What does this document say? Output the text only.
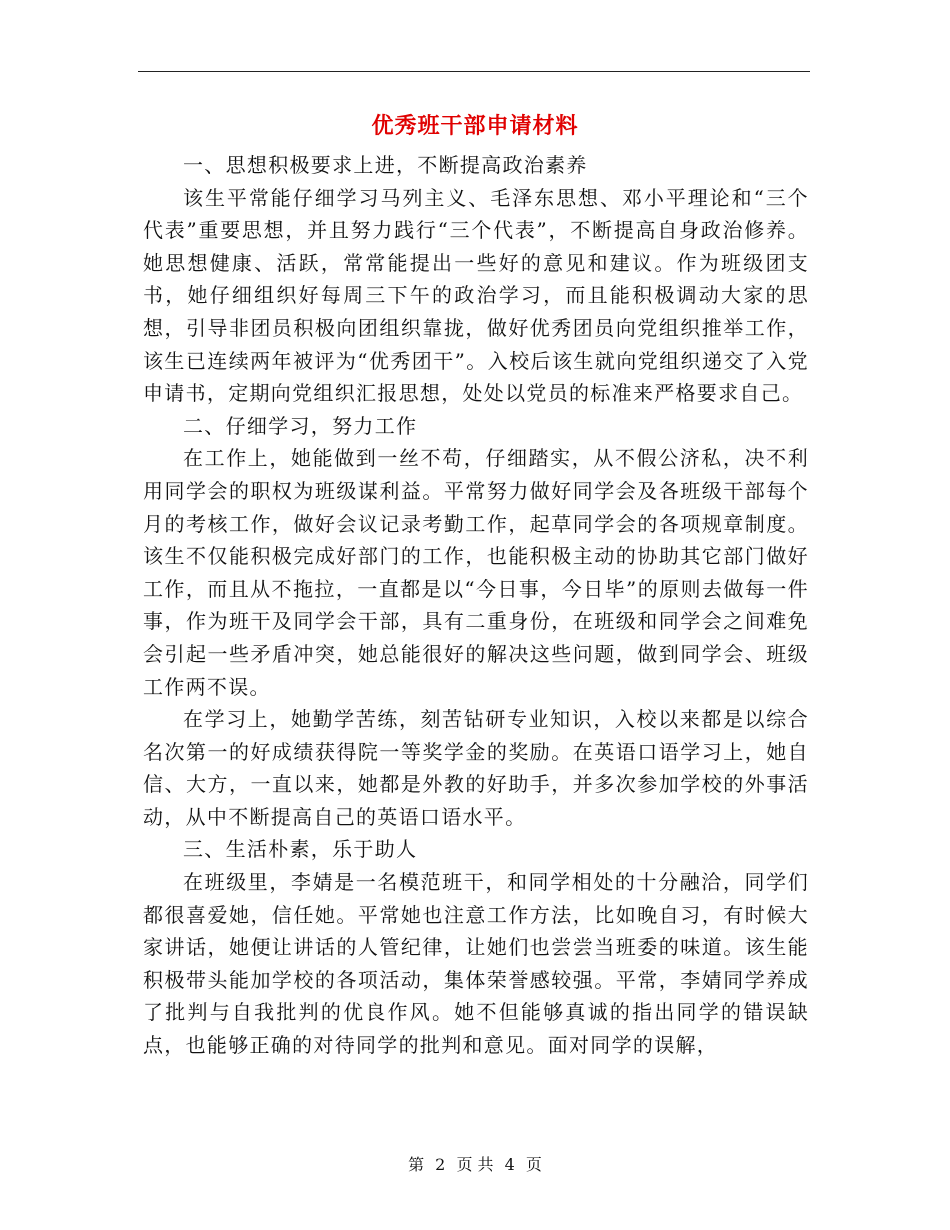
优秀班干部申请材料

一、思想积极要求上进，不断提高政治素养

该生平常能仔细学习马列主义、毛泽东思想、邓小平理论和“三个代表”重要思想，并且努力践行“三个代表”，不断提高自身政治修养。她思想健康、活跃，常常能提出一些好的意见和建议。作为班级团支书，她仔细组织好每周三下午的政治学习，而且能积极调动大家的思想，引导非团员积极向团组织靠拢，做好优秀团员向党组织推举工作，该生已连续两年被评为“优秀团干”。入校后该生就向党组织递交了入党申请书，定期向党组织汇报思想，处处以党员的标准来严格要求自己。

二、仔细学习，努力工作

在工作上，她能做到一丝不苟，仔细踏实，从不假公济私，决不利用同学会的职权为班级谋利益。平常努力做好同学会及各班级干部每个月的考核工作，做好会议记录考勤工作，起草同学会的各项规章制度。该生不仅能积极完成好部门的工作，也能积极主动的协助其它部门做好工作，而且从不拖拉，一直都是以“今日事，今日毕”的原则去做每一件事，作为班干及同学会干部，具有二重身份，在班级和同学会之间难免会引起一些矛盾冲突，她总能很好的解决这些问题，做到同学会、班级工作两不误。

在学习上，她勤学苦练，刻苦钻研专业知识，入校以来都是以综合名次第一的好成绩获得院一等奖学金的奖励。在英语口语学习上，她自信、大方，一直以来，她都是外教的好助手，并多次参加学校的外事活动，从中不断提高自己的英语口语水平。

三、生活朴素，乐于助人

在班级里，李婧是一名模范班干，和同学相处的十分融洽，同学们都很喜爱她，信任她。平常她也注意工作方法，比如晚自习，有时候大家讲话，她便让讲话的人管纪律，让她们也尝尝当班委的味道。该生能积极带头能加学校的各项活动，集体荣誉感较强。平常，李婧同学养成了批判与自我批判的优良作风。她不但能够真诚的指出同学的错误缺点，也能够正确的对待同学的批判和意见。面对同学的误解，

第 2 页 共 4 页
